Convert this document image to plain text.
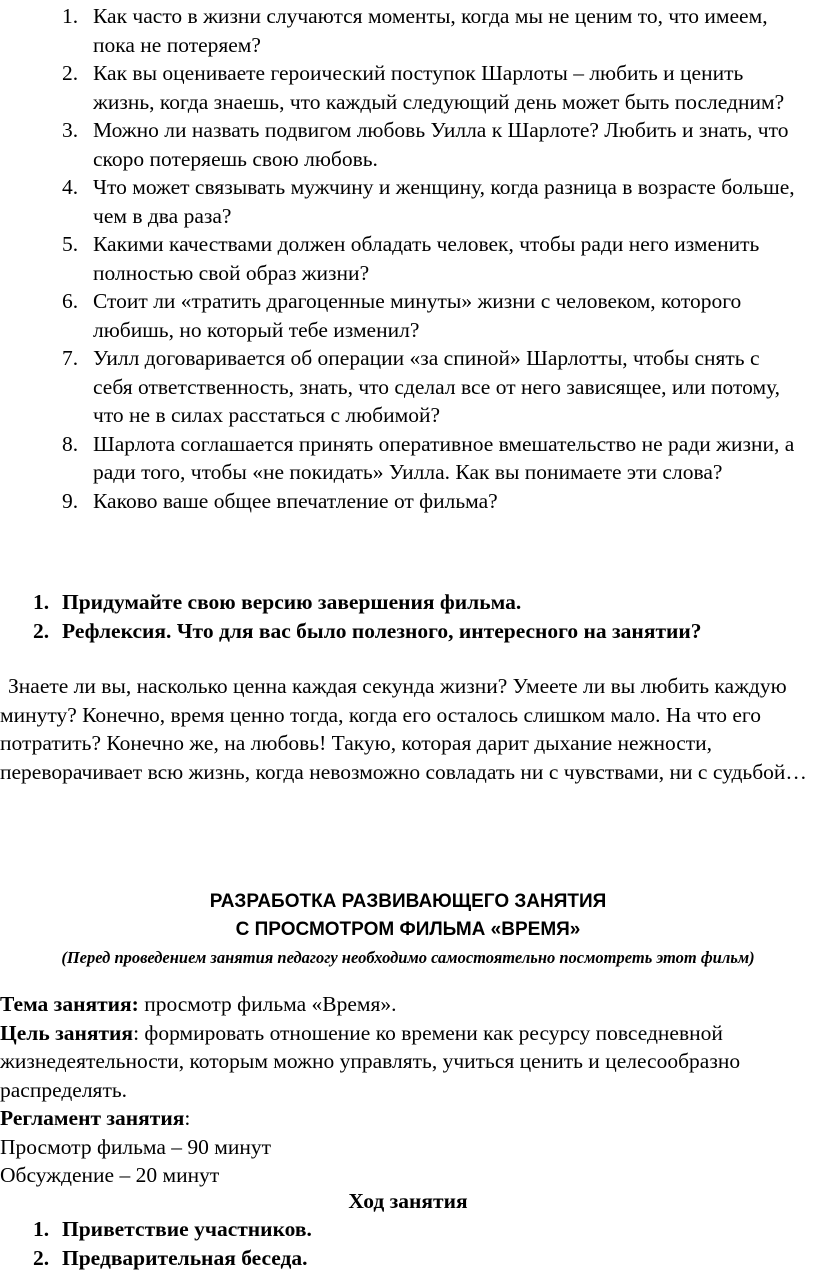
1. Как часто в жизни случаются моменты, когда мы не ценим то, что имеем, пока не потеряем?
2. Как вы оцениваете героический поступок Шарлоты – любить и ценить жизнь, когда знаешь, что каждый следующий день может быть последним?
3. Можно ли назвать подвигом любовь Уилла к Шарлоте? Любить и знать, что скоро потеряешь свою любовь.
4. Что может связывать мужчину и женщину, когда разница в возрасте больше, чем в два раза?
5. Какими качествами должен обладать человек, чтобы ради него изменить полностью свой образ жизни?
6. Стоит ли «тратить драгоценные минуты» жизни с человеком, которого любишь, но который тебе изменил?
7. Уилл договаривается об операции «за спиной» Шарлотты, чтобы снять с себя ответственность, знать, что сделал все от него зависящее, или потому, что не в силах расстаться с любимой?
8. Шарлота соглашается принять оперативное вмешательство не ради жизни, а ради того, чтобы «не покидать» Уилла. Как вы понимаете эти слова?
9. Каково ваше общее впечатление от фильма?
1. Придумайте свою версию завершения фильма.
2. Рефлексия. Что для вас было полезного, интересного на занятии?
Знаете ли вы, насколько ценна каждая секунда жизни? Умеете ли вы любить каждую минуту? Конечно, время ценно тогда, когда его осталось слишком мало. На что его потратить? Конечно же, на любовь! Такую, которая дарит дыхание нежности, переворачивает всю жизнь, когда невозможно совладать ни с чувствами, ни с судьбой…
РАЗРАБОТКА РАЗВИВАЮЩЕГО ЗАНЯТИЯ
С ПРОСМОТРОМ ФИЛЬМА «ВРЕМЯ»
(Перед проведением занятия педагогу необходимо самостоятельно посмотреть этот фильм)
Тема занятия: просмотр фильма «Время».
Цель занятия: формировать отношение ко времени как ресурсу повседневной жизнедеятельности, которым можно управлять, учиться ценить и целесообразно распределять.
Регламент занятия:
Просмотр фильма – 90 минут
Обсуждение – 20 минут
Ход занятия
1. Приветствие участников.
2. Предварительная беседа.
